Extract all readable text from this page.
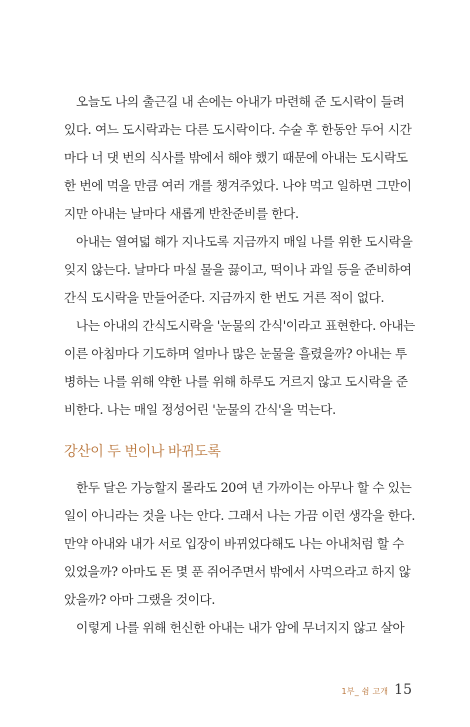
오늘도 나의 출근길 내 손에는 아내가 마련해 준 도시락이 들려
있다. 여느 도시락과는 다른 도시락이다. 수술 후 한동안 두어 시간
마다 너 댓 번의 식사를 밖에서 해야 했기 때문에 아내는 도시락도
한 번에 먹을 만큼 여러 개를 챙겨주었다. 나야 먹고 일하면 그만이
지만 아내는 날마다 새롭게 반찬준비를 한다.
아내는 열여덟 해가 지나도록 지금까지 매일 나를 위한 도시락을
잊지 않는다. 날마다 마실 물을 끓이고, 떡이나 과일 등을 준비하여
간식 도시락을 만들어준다. 지금까지 한 번도 거른 적이 없다.
나는 아내의 간식도시락을 '눈물의 간식'이라고 표현한다. 아내는
이른 아침마다 기도하며 얼마나 많은 눈물을 흘렸을까? 아내는 투
병하는 나를 위해 약한 나를 위해 하루도 거르지 않고 도시락을 준
비한다. 나는 매일 정성어린 '눈물의 간식'을 먹는다.
강산이 두 번이나 바뀌도록
한두 달은 가능할지 몰라도 20여 년 가까이는 아무나 할 수 있는
일이 아니라는 것을 나는 안다. 그래서 나는 가끔 이런 생각을 한다.
만약 아내와 내가 서로 입장이 바뀌었다해도 나는 아내처럼 할 수
있었을까? 아마도 돈 몇 푼 쥐어주면서 밖에서 사먹으라고 하지 않
았을까? 아마 그랬을 것이다.
이렇게 나를 위해 헌신한 아내는 내가 암에 무너지지 않고 살아
1부_ 쉼 고개 15
